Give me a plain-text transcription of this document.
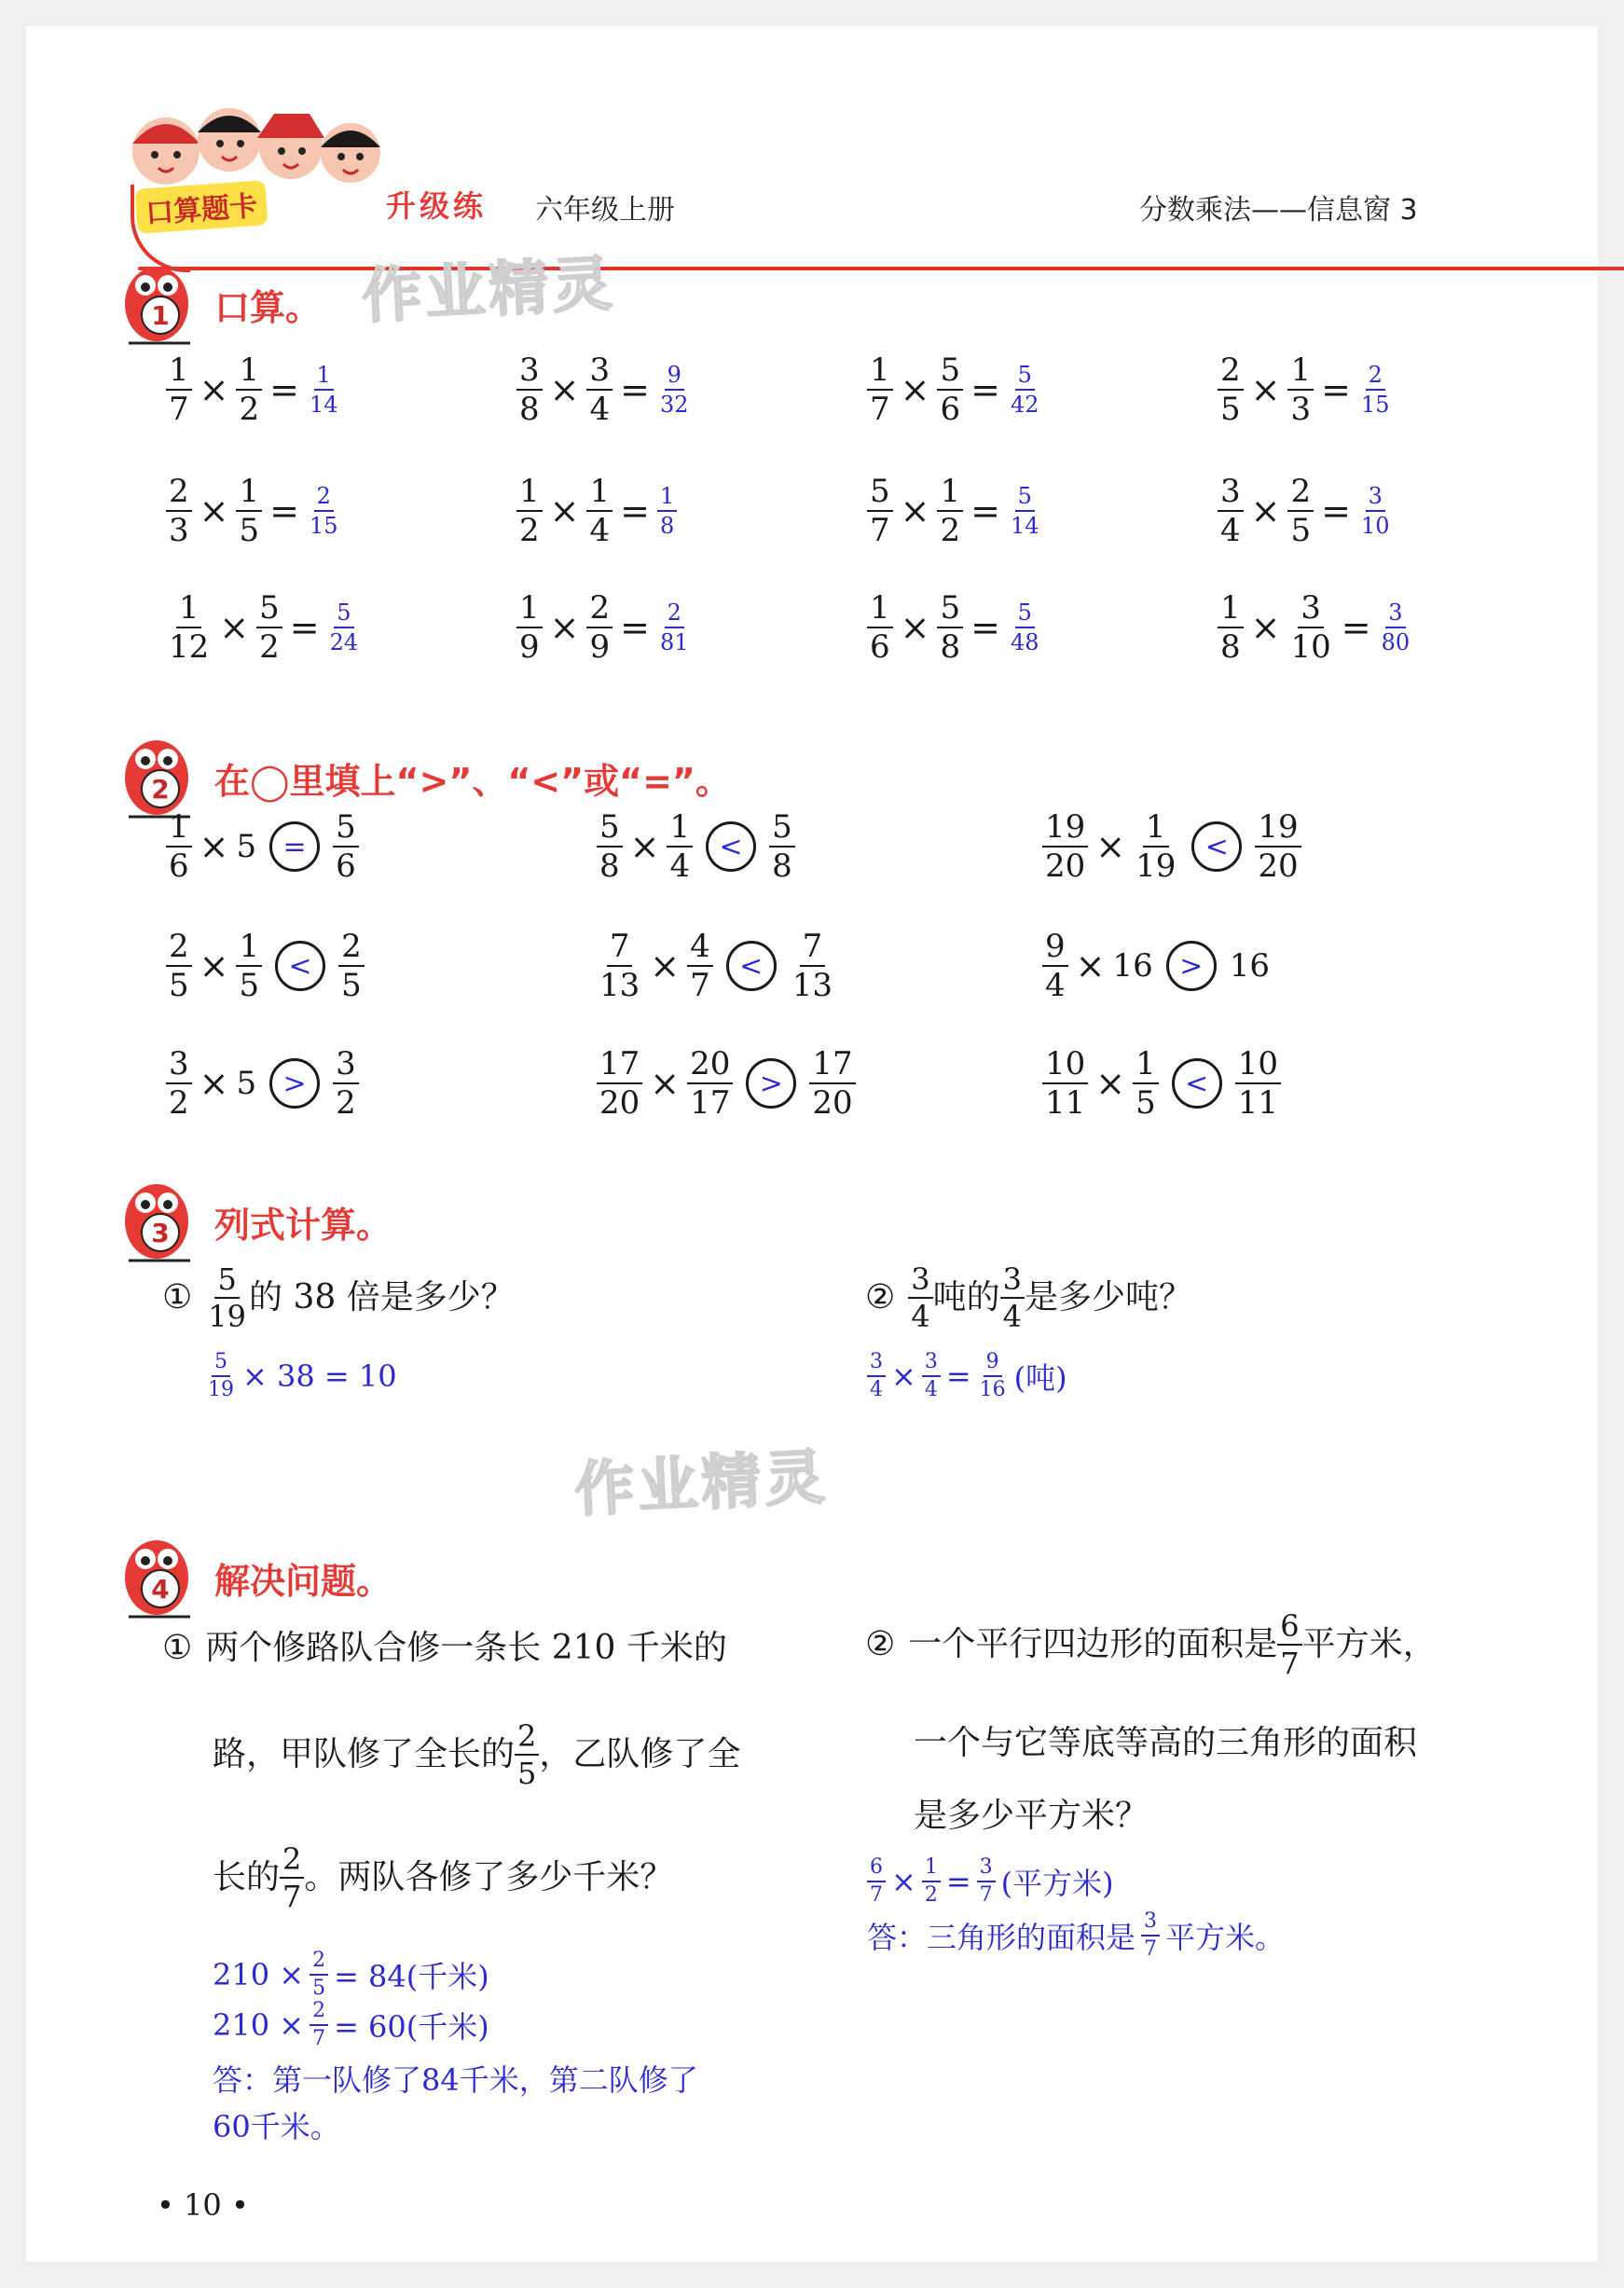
口算题卡	升级练 六年级上册	分数乘法——信息窗 3
作业精灵
作业精灵
1 口算。
2 在◯里填上“>”、“<”或“=”。
3 列式计算。
4 解决问题。
$\frac{1}{7} \times \frac{1}{2} = \frac{1}{14}$	$\frac{3}{8} \times \frac{3}{4} = \frac{9}{32}$	$\frac{1}{7} \times \frac{5}{6} = \frac{5}{42}$	$\frac{2}{5} \times \frac{1}{3} = \frac{2}{15}$
$\frac{2}{3} \times \frac{1}{5} = \frac{2}{15}$	$\frac{1}{2} \times \frac{1}{4} = \frac{1}{8}$	$\frac{5}{7} \times \frac{1}{2} = \frac{5}{14}$	$\frac{3}{4} \times \frac{2}{5} = \frac{3}{10}$
$\frac{1}{12} \times \frac{5}{2} = \frac{5}{24}$	$\frac{1}{9} \times \frac{2}{9} = \frac{2}{81}$	$\frac{1}{6} \times \frac{5}{8} = \frac{5}{48}$	$\frac{1}{8} \times \frac{3}{10} = \frac{3}{80}$
$\frac{1}{6} \times 5 = \frac{5}{6}$	$\frac{5}{8} \times \frac{1}{4} < \frac{5}{8}$	$\frac{19}{20} \times \frac{1}{19} < \frac{19}{20}$
$\frac{2}{5} \times \frac{1}{5} < \frac{2}{5}$	$\frac{7}{13} \times \frac{4}{7} < \frac{7}{13}$	$\frac{9}{4} \times 16 > 16$
$\frac{3}{2} \times 5 > \frac{3}{2}$	$\frac{17}{20} \times \frac{20}{17} > \frac{17}{20}$	$\frac{10}{11} \times \frac{1}{5} < \frac{10}{11}$
① $\frac{5}{19}$ 的 38 倍是多少？
$\frac{5}{19} \times 38 = 10$
② $\frac{3}{4}$ 吨的 $\frac{3}{4}$ 是多少吨？
$\frac{3}{4} \times \frac{3}{4} = \frac{9}{16}$ (吨)
① 两个修路队合修一条长 210 千米的
路，甲队修了全长的 $\frac{2}{5}$ ，乙队修了全
长的 $\frac{2}{7}$ 。两队各修了多少千米？
$210 \times \frac{2}{5} = 84$(千米)
$210 \times \frac{2}{7} = 60$(千米)
答：第一队修了84千米，第二队修了
60千米。
② 一个平行四边形的面积是 $\frac{6}{7}$ 平方米，
一个与它等底等高的三角形的面积
是多少平方米？
$\frac{6}{7} \times \frac{1}{2} = \frac{3}{7}$ (平方米)
答：三角形的面积是 $\frac{3}{7}$ 平方米。
• 10 •
